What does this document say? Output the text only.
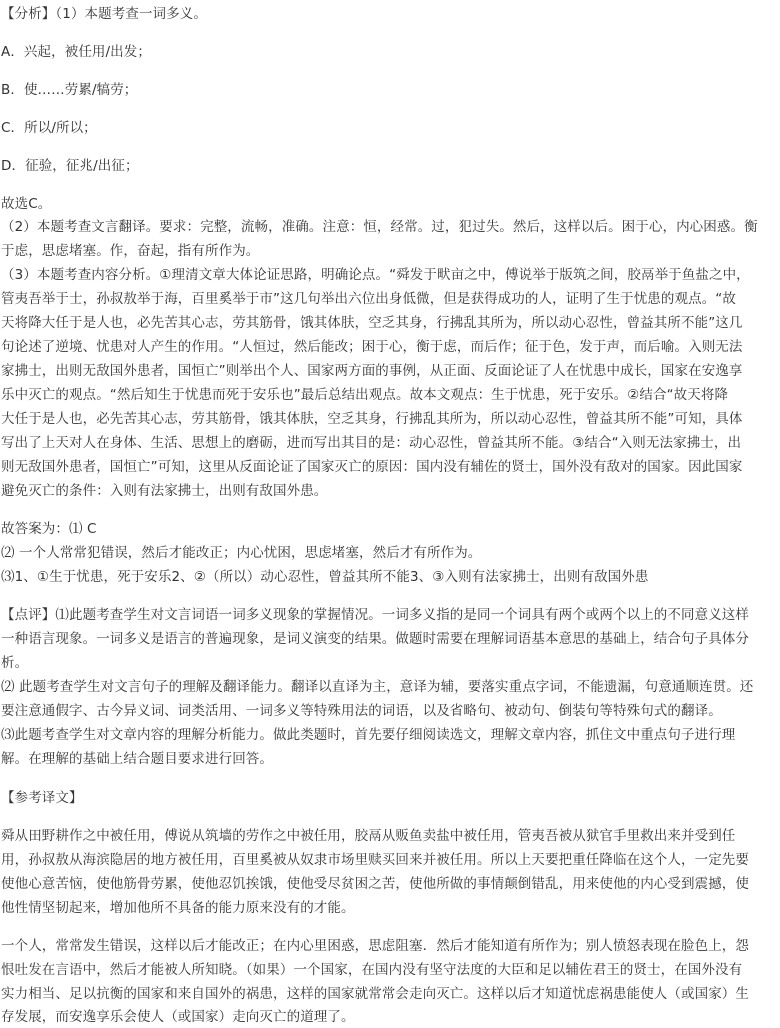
【分析】（1）本题考查一词多义。
A．兴起，被任用/出发；
B．使……劳累/犒劳；
C．所以/所以；
D．征验，征兆/出征；
故选C。
（2）本题考查文言翻译。要求：完整，流畅，准确。注意：恒，经常。过，犯过失。然后，这样以后。困于心，内心困惑。衡
于虑，思虑堵塞。作，奋起，指有所作为。
（3）本题考查内容分析。①理清文章大体论证思路，明确论点。“舜发于畎亩之中，傅说举于版筑之间，胶鬲举于鱼盐之中，
管夷吾举于士，孙叔敖举于海，百里奚举于市”这几句举出六位出身低微，但是获得成功的人，证明了生于忧患的观点。“故
天将降大任于是人也，必先苦其心志，劳其筋骨，饿其体肤，空乏其身，行拂乱其所为，所以动心忍性，曾益其所不能”这几
句论述了逆境、忧患对人产生的作用。“人恒过，然后能改；困于心，衡于虑，而后作；征于色，发于声，而后喻。入则无法
家拂士，出则无敌国外患者，国恒亡”则举出个人、国家两方面的事例，从正面、反面论证了人在忧患中成长，国家在安逸享
乐中灭亡的观点。“然后知生于忧患而死于安乐也”最后总结出观点。故本文观点：生于忧患，死于安乐。②结合“故天将降
大任于是人也，必先苦其心志，劳其筋骨，饿其体肤，空乏其身，行拂乱其所为，所以动心忍性，曾益其所不能”可知，具体
写出了上天对人在身体、生活、思想上的磨砺，进而写出其目的是：动心忍性，曾益其所不能。③结合“入则无法家拂士，出
则无敌国外患者，国恒亡”可知，这里从反面论证了国家灭亡的原因：国内没有辅佐的贤士，国外没有敌对的国家。因此国家
避免灭亡的条件：入则有法家拂士，出则有敌国外患。
故答案为：⑴ C
⑵ 一个人常常犯错误，然后才能改正；内心忧困，思虑堵塞，然后才有所作为。
⑶1、①生于忧患，死于安乐2、②（所以）动心忍性，曾益其所不能3、③入则有法家拂士，出则有敌国外患
【点评】⑴此题考查学生对文言词语一词多义现象的掌握情况。一词多义指的是同一个词具有两个或两个以上的不同意义这样
一种语言现象。一词多义是语言的普遍现象，是词义演变的结果。做题时需要在理解词语基本意思的基础上，结合句子具体分
析。
⑵ 此题考查学生对文言句子的理解及翻译能力。翻译以直译为主，意译为辅，要落实重点字词，不能遗漏，句意通顺连贯。还
要注意通假字、古今异义词、词类活用、一词多义等特殊用法的词语，以及省略句、被动句、倒装句等特殊句式的翻译。
⑶此题考查学生对文章内容的理解分析能力。做此类题时，首先要仔细阅读选文，理解文章内容，抓住文中重点句子进行理
解。在理解的基础上结合题目要求进行回答。
【参考译文】
舜从田野耕作之中被任用，傅说从筑墙的劳作之中被任用，胶鬲从贩鱼卖盐中被任用，管夷吾被从狱官手里救出来并受到任
用，孙叔敖从海滨隐居的地方被任用，百里奚被从奴隶市场里赎买回来并被任用。所以上天要把重任降临在这个人，一定先要
使他心意苦恼，使他筋骨劳累，使他忍饥挨饿，使他受尽贫困之苦，使他所做的事情颠倒错乱，用来使他的内心受到震撼，使
他性情坚韧起来，增加他所不具备的能力原来没有的才能。
一个人，常常发生错误，这样以后才能改正；在内心里困惑，思虑阻塞．然后才能知道有所作为；别人愤怒表现在脸色上，怨
恨吐发在言语中，然后才能被人所知晓。（如果）一个国家，在国内没有坚守法度的大臣和足以辅佐君王的贤士，在国外没有
实力相当、足以抗衡的国家和来自国外的祸患，这样的国家就常常会走向灭亡。这样以后才知道忧虑祸患能使人（或国家）生
存发展，而安逸享乐会使人（或国家）走向灭亡的道理了。
